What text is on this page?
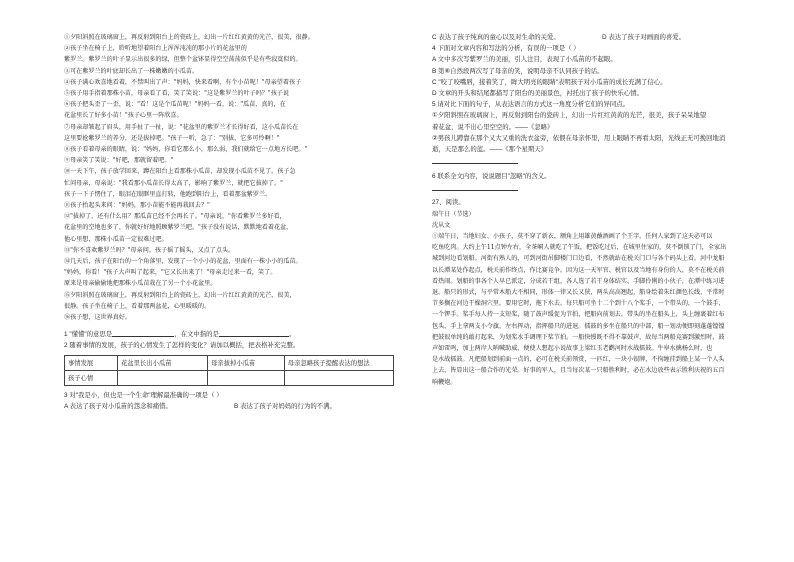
①夕阳斜照在玻璃窗上，再反射到阳台上的瓷砖上，幻出一片红红黄黄的光芒，很美，很静。

②孩子坐在椅子上，聆听地望着阳台上浑浑沌沌的那小片的花盆里的

紫罗兰。紫罗兰的叶子显示出很多的绿，但整个盆钵显得空空荡荡似乎是有些寂寞似的。

③可在紫罗兰的叶底却长出了一株嫩嫩的小瓜苗。

④孩子满心欢喜地看着，不禁叫出了声："妈妈，快来看啊，有个小苗呢！"母亲望着孩子

⑤孩子用手指着那株小苗，母亲看了看，笑了笑说："这是紫罗兰的叶子吗？"孩子说

⑥孩子把头歪了一歪，说："看！这是个瓜苗呢！"妈妈一看，说："瓜苗，真的，在

花盆里长了好多小苗！"孩子心里一阵欣喜。

⑦母亲却皱起了眉头，用手扯了一扯，说："花盆里的紫罗兰才长得好看，这小瓜苗长在

这里要抢紫罗兰的养分，还是拔掉吧。"孩子一听，急了："别拔，它多可怜啊！"

⑧孩子看着母亲的眼睛，说："妈妈，你看它那么小，那么弱，我们就给它一点地方长吧。"

⑨母亲笑了笑说："好吧，那就留着吧。"

⑩一天下午，孩子放学回来，蹲在阳台上看那株小瓜苗，却发现小瓜苗不见了。孩子急

忙问母亲，母亲说："我看那小瓜苗长得太高了，影响了紫罗兰，就把它拔掉了。"

孩子一下子愣住了，眼泪在眼眶里直打转，他跑到阳台上，看着那盆紫罗兰。

⑪孩子抬起头来问："妈妈，那小苗能不能再栽回去？"

⑫"拔掉了，还有什么用？那瓜苗已经不会再长了。"母亲说，"你看紫罗兰多好看，

花盆里的空地也多了，你就好好地照顾紫罗兰吧。"孩子没有说话，默默地看着花盆，

他心里想，那株小瓜苗一定很难过吧。

⑬"你不喜欢紫罗兰吗？"母亲问。孩子摇了摇头，又点了点头。

⑭几天后，孩子在阳台的一个角落里，发现了一个小小的花盆，里面有一株小小的瓜苗。

"妈妈，你看！"孩子大声叫了起来，"它又长出来了！"母亲走过来一看，笑了。

原来是母亲偷偷地把那株小瓜苗栽在了另一个小花盆里。

⑮夕阳斜照在玻璃窗上，再反射到阳台上的瓷砖上，幻出一片红红黄黄的光芒，很美，

很静。孩子坐在椅子上，看着那两盆花，心里暖暖的。

⑯孩子想，这世界真好。

1 "懂懂"的意思是	，在文中指的是	。

2 随着事情的发展，孩子的心情发生了怎样的变化？请加以概括，把表格补充完整。

事情发展	花盆里长出小瓜苗	母亲拔掉小瓜苗	母亲忽略孩子提醒表达的想法
孩子心情			

3 对"我是小，但也是一个生命"理解最准确的一项是（ ）

A 表达了孩子对小瓜苗的怨念和痛惜。	B 表达了孩子对妈妈的行为的不满。

C 表达了孩子纯真的童心以及对生命的关爱。	D 表达了孩子对画面的喜爱。

4 下面对文章内容和写法的分析，有误的一项是（ ）

A 文中多次写紫罗兰的美丽，引人注目，表现了小瓜苗的不起眼。

B 第⑧自然段两次写了母亲的笑，说明母亲不认同孩子的话。

C "咬了咬嘴唇，接着笑了，眸大明亮的眼睛"表明孩子对小瓜苗的成长充满了信心。

D 文章的开头和结尾都描写了阳台的美丽景色，衬托出了孩子的快乐心情。

5 请对比下面的句子，从表达语言的方式这一角度分析它们的异同点。

①夕阳斜照在玻璃窗上，再反射到阳台的瓷砖上，幻出一片红红黄黄的光芒，很美，孩子呆呆地望

着花盆，说不出心里空空的。——《忽略》

②男孩儿蹲靠在那个又大又重的洗衣盆旁，依偎在母亲怀里，用上眼睛不再看太阳，光线正无可挽回地消

逝，天是那么的蓝。——《那个星期天》

6 联系全文内容，说说题目"忽略"的含义。

27、阅读。

端午日（节选）

沈从文

①端午日，当地妇女、小孩子，莫不穿了新衣，额角上用雄黄蘸酒画了个王字。任何人家到了这天必可以

吃鱼吃肉。大约上午11点钟左右，全茶峒人就吃了午饭，把饭吃过后，在城里住家的，莫不倒锁了门，全家出

城到河边看划船。河街有熟人的，可到河街吊脚楼门口边看，不然就站在税关门口与各个码头上看。河中龙船

以长潭某处作起点，税关前作终点，作比赛竞争。因为这一天军官、税官以及当地有身份的人，莫不在税关前

看热闹。划船的事各个人早已派定，分成若干组，各人选了若干身体结实、手脚伶俐的小伙子，在潭中练习进

退。船只的形式，与平常木船大不相同，形体一律又长又狭，两头高高翘起，船身绘着朱红颜色长线，平常时

节多搁在河边干燥洞穴里，要用它时，拖下水去。每只船可坐十二个到十八个桨手，一个带头的，一个鼓手，

一个锣手。桨手每人持一支短桨，随了鼓声缓促为节拍，把船向前划去。带头的坐在船头上，头上缠裹着红布

包头，手上拿两支小令旗，左右挥动，指挥船只的进退。擂鼓的多坐在船只的中部，船一划动便即刻蓬蓬镗镗

把鼓很单纯的敲打起来，为划桨水手调理下桨节拍。一船快慢既不得不靠鼓声，故每当两船竞赛到激烈时，鼓

声如雷鸣，加上两岸人呐喊助威，便使人想起小说故事上梁红玉老鹳河时水战擂鼓。牛皋水擒杨么时，也

是水战擂鼓。凡把船划到前面一点的，必可在税关前领赏，一匹红，一块小银牌，不拘缠挂到船上某一个人头

上去，皆显出这一船合作的光荣。好事的军人，且当每次某一只船胜利时，必在水边放些表示胜利庆祝的五百

响鞭炮。
